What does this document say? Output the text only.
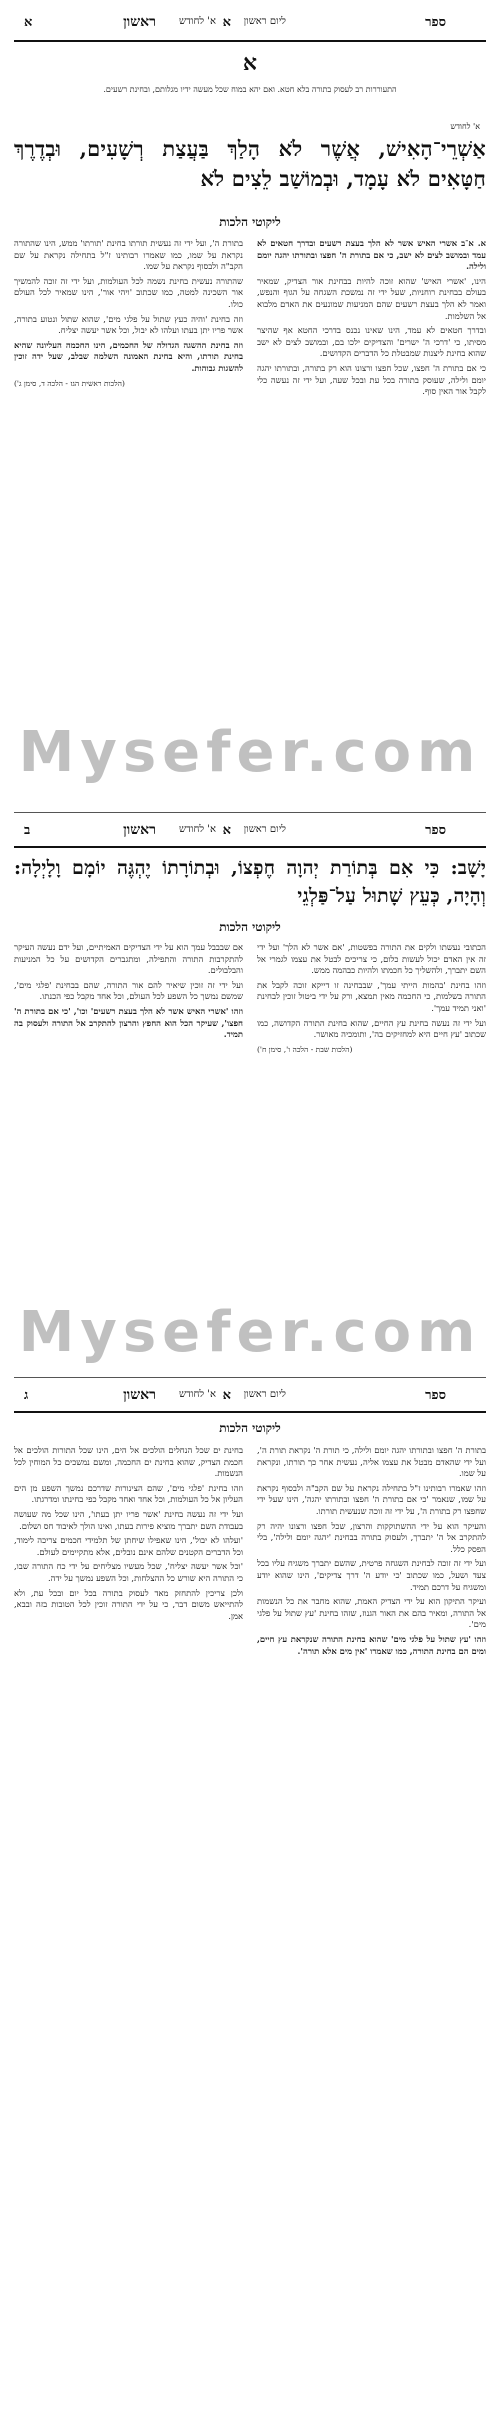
ספר
ליום ראשון
א
א' לחודש
ראשון
א
א
התעוררות רב לעסוק בתורה בלא חטא. ואם יהא במוח שכל מעשה ידיו מגלותם, ובחינת רשעים.
א' לחודש
אַשְׁרֵי־הָאִישׁ, אֲשֶׁר לֹא הָלַךְ בַּעֲצַת רְשָׁעִים, וּבְדֶרֶךְ חַטָּאִים לֹא עָמָד, וּבְמוֹשַׁב לֵצִים לֹא
ליקוטי הלכות

א. א־ב אשרי האיש אשר לא הלך בעצת רשעים ובדרך חטאים לא עמד ובמושב לצים לא ישב, כי אם בתורת ה' חפצו ובתורתו יהגה יומם ולילה.

הינו, 'אשרי האיש' שהוא זוכה להיות בבחינת אור הצדיק, שמאיר בעולם בבחינת רוחניות, שעל ידי זה נמשכת השגחה על הגוף והנפש, ואמר לא הלך בעצת רשעים שהם המניעות שמונעים את האדם מלבוא אל השלמות.

ובדרך חטאים לא עמד, הינו שאינו נכנס בדרכי החטא אף שהיצר מסיתו, כי 'דרכי ה' ישרים' והצדיקים ילכו בם, ובמושב לצים לא ישב שהוא בחינת ליצנות שמבטלת כל הדברים הקדושים.

כי אם בתורת ה' חפצו, שכל חפצו ורצונו הוא רק בתורה, ובתורתו יהגה יומם ולילה, שעוסק בתורה בכל עת ובכל שעה, ועל ידי זה נעשה כלי לקבל אור האין סוף.

בתורת ה', ועל ידי זה נעשית תורתו בחינת 'תורתו' ממש, הינו שהתורה נקראת על שמו, כמו שאמרו רבותינו ז"ל בתחילה נקראת על שם הקב"ה ולבסוף נקראת על שמו.

שהתורה נעשית בחינת נשמה לכל העולמות, ועל ידי זה זוכה להמשיך אור השכינה למטה, כמו שכתוב 'ויהי אור', הינו שמאיר לכל העולם כולו.

וזה בחינת 'והיה כעץ שתול על פלגי מים', שהוא שתול ונטוע בתורה, אשר פריו יתן בעתו ועלהו לא יבול, וכל אשר יעשה יצליח.

וזה בחינת ההשגה הגדולה של החכמים, הינו החכמה העליונה שהיא בחינת תורתו, והיא בחינת האמונה השלמה שבלב, שעל ידה זוכין להשגות גבוהות.

(הלכות ראשית הגז - הלכה ד, סימן ג')

Mysefer.com
ספר
ליום ראשון
א
א' לחודש
ראשון
ב
יָשָׁב: כִּי אִם בְּתוֹרַת יְהוָה חֶפְצוֹ, וּבְתוֹרָתוֹ יֶהְגֶּה יוֹמָם וָלָיְלָה: וְהָיָה, כְּעֵץ שָׁתוּל עַל־פַּלְגֵי
ליקוטי הלכות

הכתובי נעשתו ולקים את התורה בפשטות, 'אם אשר לא הלך' ועל ידי זה אין האדם יכול לעשות כלום, כי צריכים לבטל את עצמו לגמרי אל השם יתברך, ולהשליך כל חכמתו ולהיות כבהמה ממש.

וזהו בחינת 'בהמות הייתי עמך', שבבחינה זו דייקא זוכה לקבל את התורה בשלמות, כי החכמה מאין תמצא, ורק על ידי ביטול זוכין לבחינת 'ואני תמיד עמך'.

ועל ידי זה נעשה בחינת עץ החיים, שהוא בחינת התורה הקדושה, כמו שכתוב 'עץ חיים היא למחזיקים בה', ותומכיה מאושר.

(הלכות שבת - הלכה ו', סימן ח')

אם שבבבל עמך הוא על ידי הצדיקים האמיתיים, ועל ידם נעשה העיקר להתקרבות התורה והתפילה, ומתגברים הקדושים על כל המניעות והבלבולים.

ועל ידי זה זוכין שיאיר להם אור התורה, שהם בבחינת 'פלגי מים', שמשם נמשך כל השפע לכל העולם, וכל אחד מקבל כפי הכנתו.

וזהו 'אשרי האיש אשר לא הלך בעצת רשעים' וכו', 'כי אם בתורת ה' חפצו', שעיקר הכל הוא החפץ והרצון להתקרב אל התורה ולעסוק בה תמיד.

Mysefer.com
ספר
ליום ראשון
א
א' לחודש
ראשון
ג
ליקוטי הלכות

בתורת ה' חפצו ובתורתו יהגה יומם ולילה, כי תורת ה' נקראת תורת ה', ועל ידי שהאדם מבטל את עצמו אליה, נעשית אחר כך תורתו, ונקראת על שמו.

וזהו שאמרו רבותינו ז"ל בתחילה נקראת על שם הקב"ה ולבסוף נקראת על שמו, שנאמר 'כי אם בתורת ה' חפצו ובתורתו יהגה', הינו שעל ידי שחפצו רק בתורת ה', על ידי זה זוכה שנעשית תורתו.

והעיקר הוא על ידי ההשתוקקות והרצון, שכל חפצו ורצונו יהיה רק להתקרב אל ה' יתברך, ולעסוק בתורה בבחינת 'יהגה יומם ולילה', בלי הפסק כלל.

ועל ידי זה זוכה לבחינת השגחה פרטית, שהשם יתברך משגיח עליו בכל צעד ושעל, כמו שכתוב 'כי יודע ה' דרך צדיקים', הינו שהוא יודע ומשגיח על דרכם תמיד.

ועיקר התיקון הוא על ידי הצדיק האמת, שהוא מחבר את כל הנשמות אל התורה, ומאיר בהם את האור הגנוז, שזהו בחינת 'עץ שתול על פלגי מים'.

וזהו 'עץ שתול על פלגי מים' שהוא בחינת התורה שנקראת עץ חיים, ומים הם בחינת התורה, כמו שאמרו 'אין מים אלא תורה'.

בחינת ים שכל הנחלים הולכים אל הים, הינו שכל התורות הולכים אל חכמת הצדיק, שהוא בחינת ים החכמה, ומשם נמשכים כל המוחין לכל הנשמות.

וזהו בחינת 'פלגי מים', שהם הצינורות שדרכם נמשך השפע מן הים העליון אל כל העולמות, וכל אחד ואחד מקבל כפי בחינתו ומדרגתו.

ועל ידי זה נעשה בחינת 'אשר פריו יתן בעתו', הינו שכל מה שעושה בעבודת השם יתברך מוציא פירות בעתו, ואינו הולך לאיבוד חס ושלום.

'ועלהו לא יבול', הינו שאפילו שיחתן של תלמידי חכמים צריכה לימוד, וכל הדברים הקטנים שלהם אינם נובלים, אלא מתקיימים לעולם.

'וכל אשר יעשה יצליח', שכל מעשיו מצליחים על ידי כח התורה שבו, כי התורה היא שורש כל ההצלחות, וכל השפע נמשך על ידה.

ולכן צריכין להתחזק מאד לעסוק בתורה בכל יום ובכל עת, ולא להתייאש משום דבר, כי על ידי התורה זוכין לכל הטובות בזה ובבא, אמן.
